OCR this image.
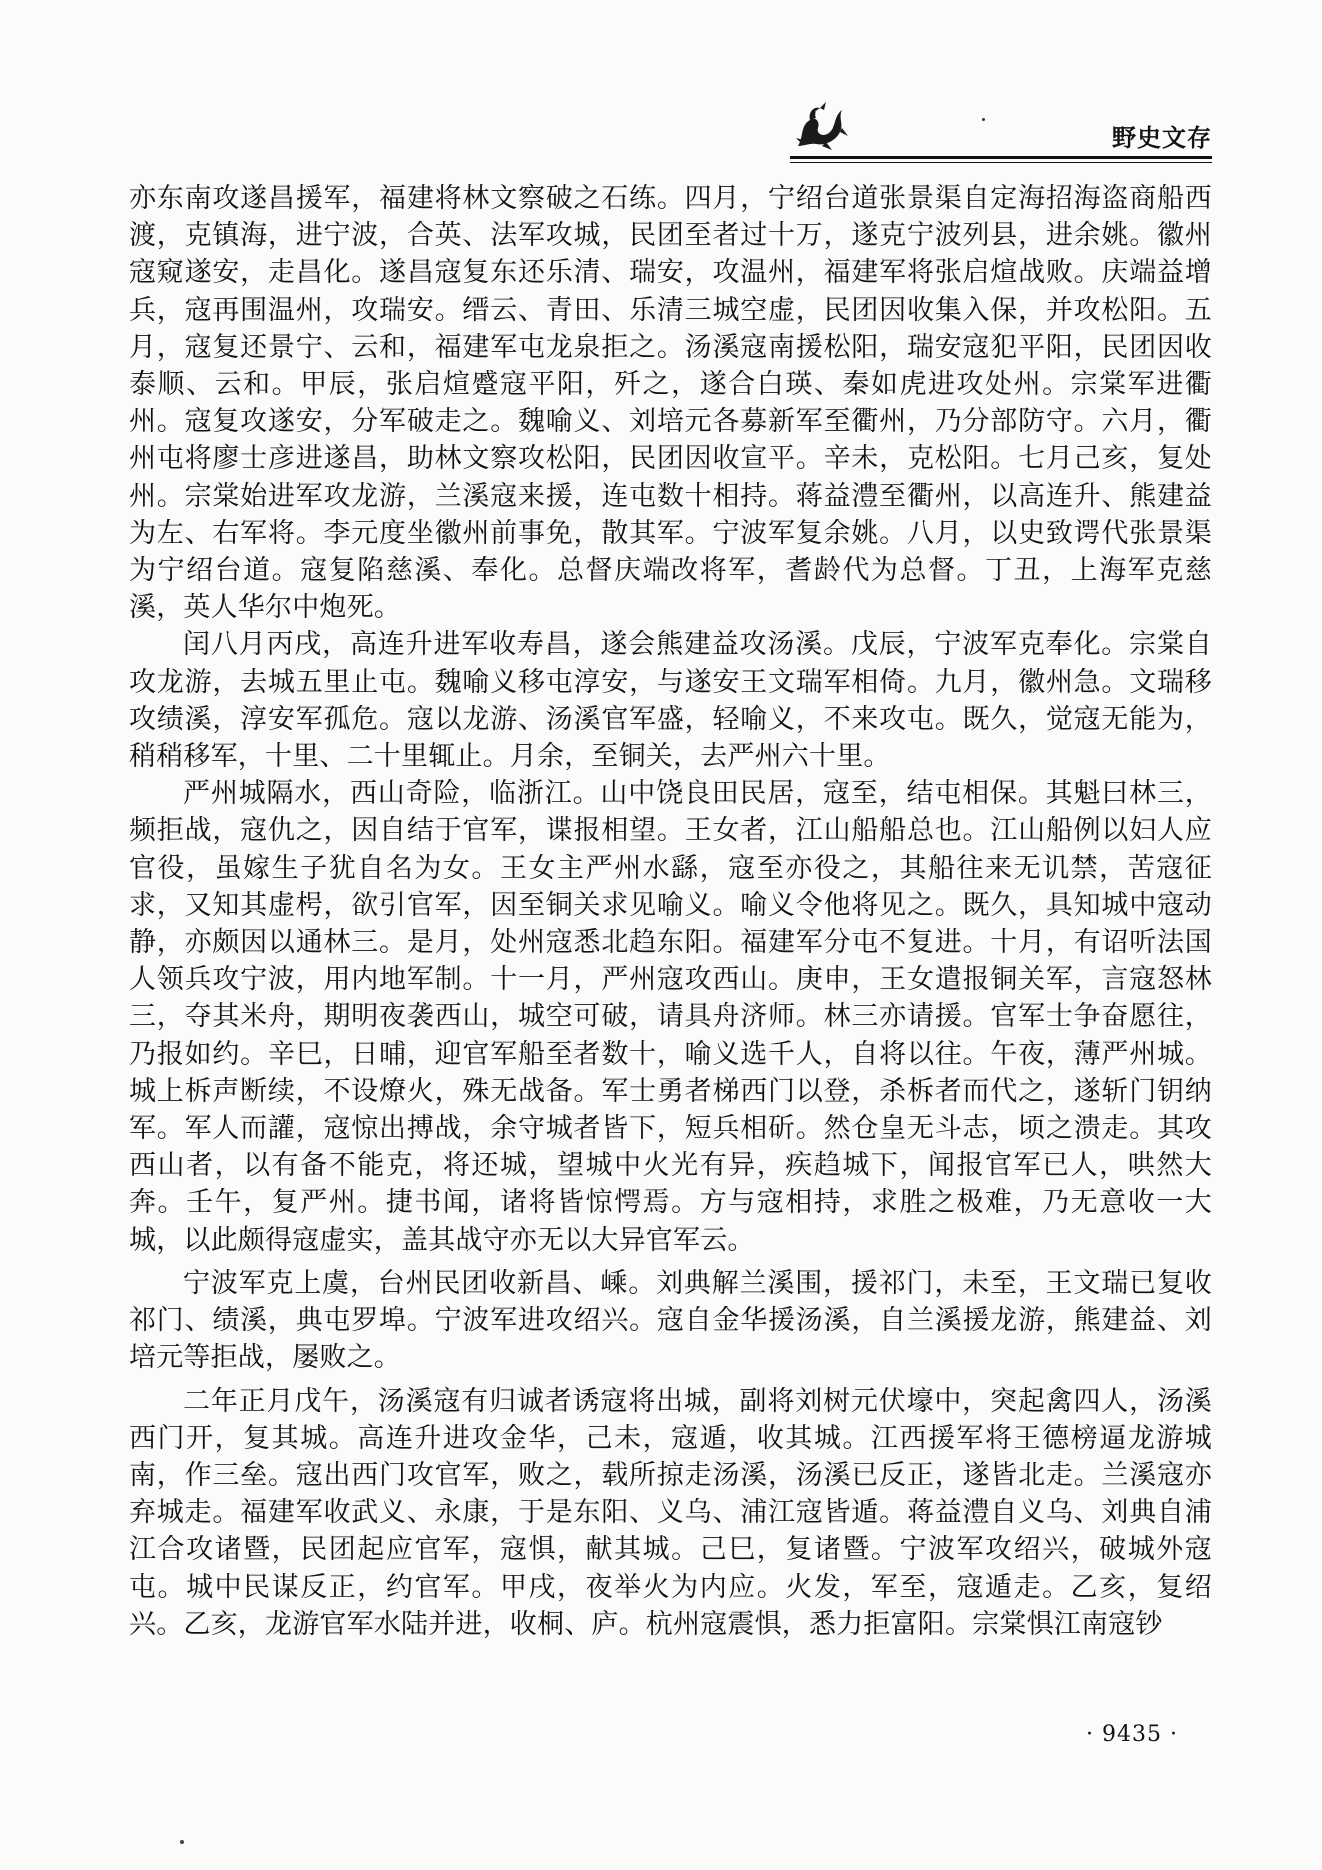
野史文存

亦东南攻遂昌援军，福建将林文察破之石练。四月，宁绍台道张景渠自定海招海盗商船西渡，克镇海，进宁波，合英、法军攻城，民团至者过十万，遂克宁波列县，进余姚。徽州寇窥遂安，走昌化。遂昌寇复东还乐清、瑞安，攻温州，福建军将张启煊战败。庆端益增兵，寇再围温州，攻瑞安。缙云、青田、乐清三城空虚，民团因收集入保，并攻松阳。五月，寇复还景宁、云和，福建军屯龙泉拒之。汤溪寇南援松阳，瑞安寇犯平阳，民团因收泰顺、云和。甲辰，张启煊蹙寇平阳，歼之，遂合白瑛、秦如虎进攻处州。宗棠军进衢州。寇复攻遂安，分军破走之。魏喻义、刘培元各募新军至衢州，乃分部防守。六月，衢州屯将廖士彦进遂昌，助林文察攻松阳，民团因收宣平。辛未，克松阳。七月己亥，复处州。宗棠始进军攻龙游，兰溪寇来援，连屯数十相持。蒋益澧至衢州，以高连升、熊建益为左、右军将。李元度坐徽州前事免，散其军。宁波军复余姚。八月，以史致谔代张景渠为宁绍台道。寇复陷慈溪、奉化。总督庆端改将军，耆龄代为总督。丁丑，上海军克慈溪，英人华尔中炮死。

闰八月丙戌，高连升进军收寿昌，遂会熊建益攻汤溪。戊辰，宁波军克奉化。宗棠自攻龙游，去城五里止屯。魏喻义移屯淳安，与遂安王文瑞军相倚。九月，徽州急。文瑞移攻绩溪，淳安军孤危。寇以龙游、汤溪官军盛，轻喻义，不来攻屯。既久，觉寇无能为，稍稍移军，十里、二十里辄止。月余，至铜关，去严州六十里。

严州城隔水，西山奇险，临浙江。山中饶良田民居，寇至，结屯相保。其魁曰林三，频拒战，寇仇之，因自结于官军，谍报相望。王女者，江山船船总也。江山船例以妇人应官役，虽嫁生子犹自名为女。王女主严州水繇，寇至亦役之，其船往来无讥禁，苦寇征求，又知其虚枵，欲引官军，因至铜关求见喻义。喻义令他将见之。既久，具知城中寇动静，亦颇因以通林三。是月，处州寇悉北趋东阳。福建军分屯不复进。十月，有诏听法国人领兵攻宁波，用内地军制。十一月，严州寇攻西山。庚申，王女遣报铜关军，言寇怒林三，夺其米舟，期明夜袭西山，城空可破，请具舟济师。林三亦请援。官军士争奋愿往，乃报如约。辛巳，日晡，迎官军船至者数十，喻义选千人，自将以往。午夜，薄严州城。城上柝声断续，不设燎火，殊无战备。军士勇者梯西门以登，杀柝者而代之，遂斩门钥纳军。军人而讙，寇惊出搏战，余守城者皆下，短兵相斫。然仓皇无斗志，顷之溃走。其攻西山者，以有备不能克，将还城，望城中火光有异，疾趋城下，闻报官军已人，哄然大奔。壬午，复严州。捷书闻，诸将皆惊愕焉。方与寇相持，求胜之极难，乃无意收一大城，以此颇得寇虚实，盖其战守亦无以大异官军云。

宁波军克上虞，台州民团收新昌、嵊。刘典解兰溪围，援祁门，未至，王文瑞已复收祁门、绩溪，典屯罗埠。宁波军进攻绍兴。寇自金华援汤溪，自兰溪援龙游，熊建益、刘培元等拒战，屡败之。

二年正月戊午，汤溪寇有归诚者诱寇将出城，副将刘树元伏壕中，突起禽四人，汤溪西门开，复其城。高连升进攻金华，己未，寇遁，收其城。江西援军将王德榜逼龙游城南，作三垒。寇出西门攻官军，败之，载所掠走汤溪，汤溪已反正，遂皆北走。兰溪寇亦弃城走。福建军收武义、永康，于是东阳、义乌、浦江寇皆遁。蒋益澧自义乌、刘典自浦江合攻诸暨，民团起应官军，寇惧，献其城。己巳，复诸暨。宁波军攻绍兴，破城外寇屯。城中民谋反正，约官军。甲戌，夜举火为内应。火发，军至，寇遁走。乙亥，复绍兴。乙亥，龙游官军水陆并进，收桐、庐。杭州寇震惧，悉力拒富阳。宗棠惧江南寇钞

· 9435 ·
